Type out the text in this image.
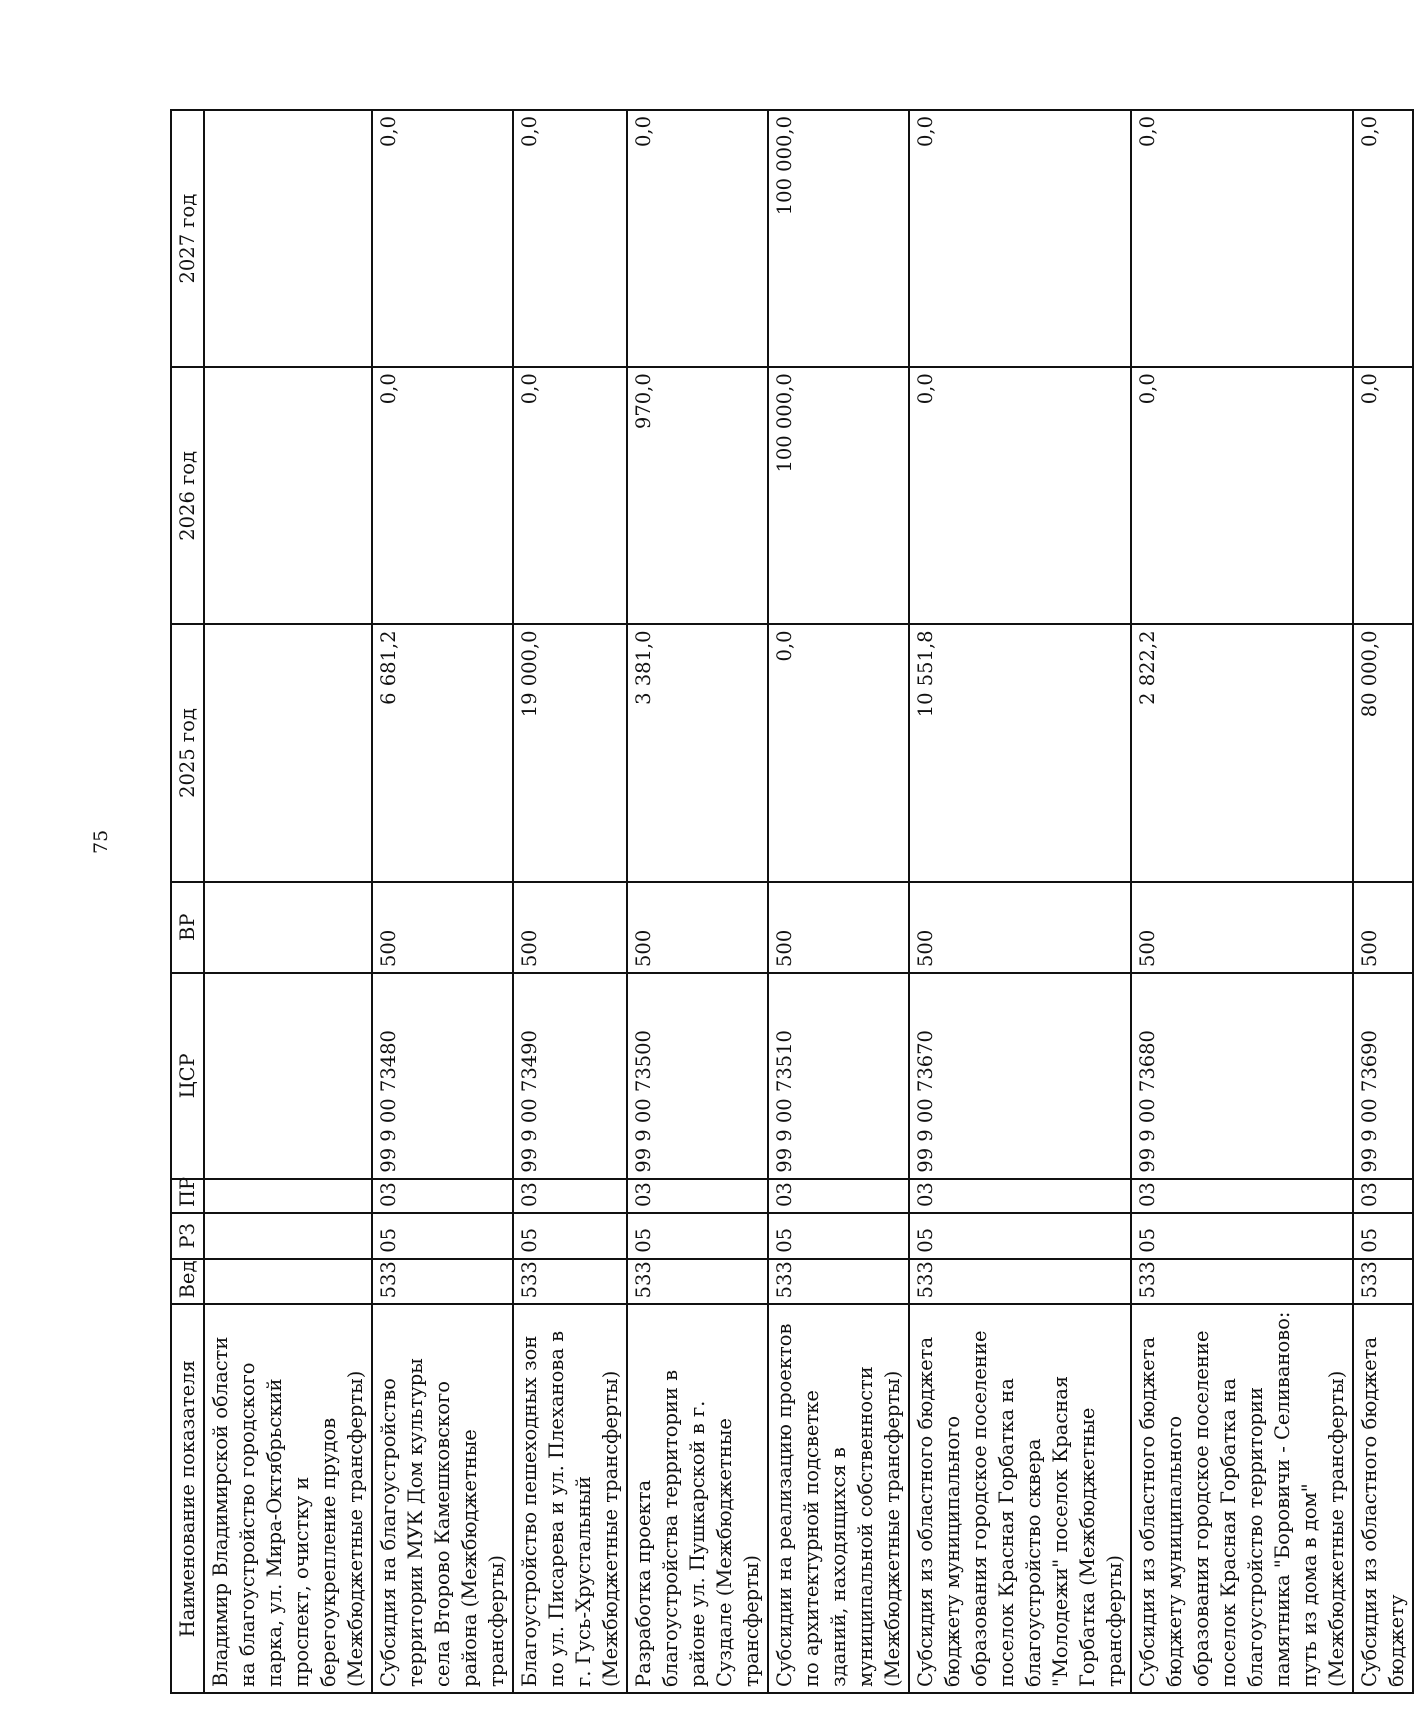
75
Наименование показателя	Вед	РЗ	ПР	ЦСР	ВР	2025 год	2026 год	2027 год
Владимир Владимирской области на благоустройство городского парка, ул. Мира-Октябрьский проспект, очистку и берегоукрепление прудов (Межбюджетные трансферты)								
Субсидия на благоустройство территории МУК Дом культуры села Второво Камешковского района (Межбюджетные трансферты)	533	05	03	99 9 00 73480	500	6 681,2	0,0	0,0
Благоустройство пешеходных зон по ул. Писарева и ул. Плеханова в г. Гусь-Хрустальный (Межбюджетные трансферты)	533	05	03	99 9 00 73490	500	19 000,0	0,0	0,0
Разработка проекта благоустройства территории в районе ул. Пушкарской в г. Суздале (Межбюджетные трансферты)	533	05	03	99 9 00 73500	500	3 381,0	970,0	0,0
Субсидии на реализацию проектов по архитектурной подсветке зданий, находящихся в муниципальной собственности (Межбюджетные трансферты)	533	05	03	99 9 00 73510	500	0,0	100 000,0	100 000,0
Субсидия из областного бюджета бюджету муниципального образования городское поселение поселок Красная Горбатка на благоустройство сквера "Молодежи" поселок Красная Горбатка (Межбюджетные трансферты)	533	05	03	99 9 00 73670	500	10 551,8	0,0	0,0
Субсидия из областного бюджета бюджету муниципального образования городское поселение поселок Красная Горбатка на благоустройство территории памятника "Боровичи - Селиваново: путь из дома в дом" (Межбюджетные трансферты)	533	05	03	99 9 00 73680	500	2 822,2	0,0	0,0
Субсидия из областного бюджета бюджету	533	05	03	99 9 00 73690	500	80 000,0	0,0	0,0
